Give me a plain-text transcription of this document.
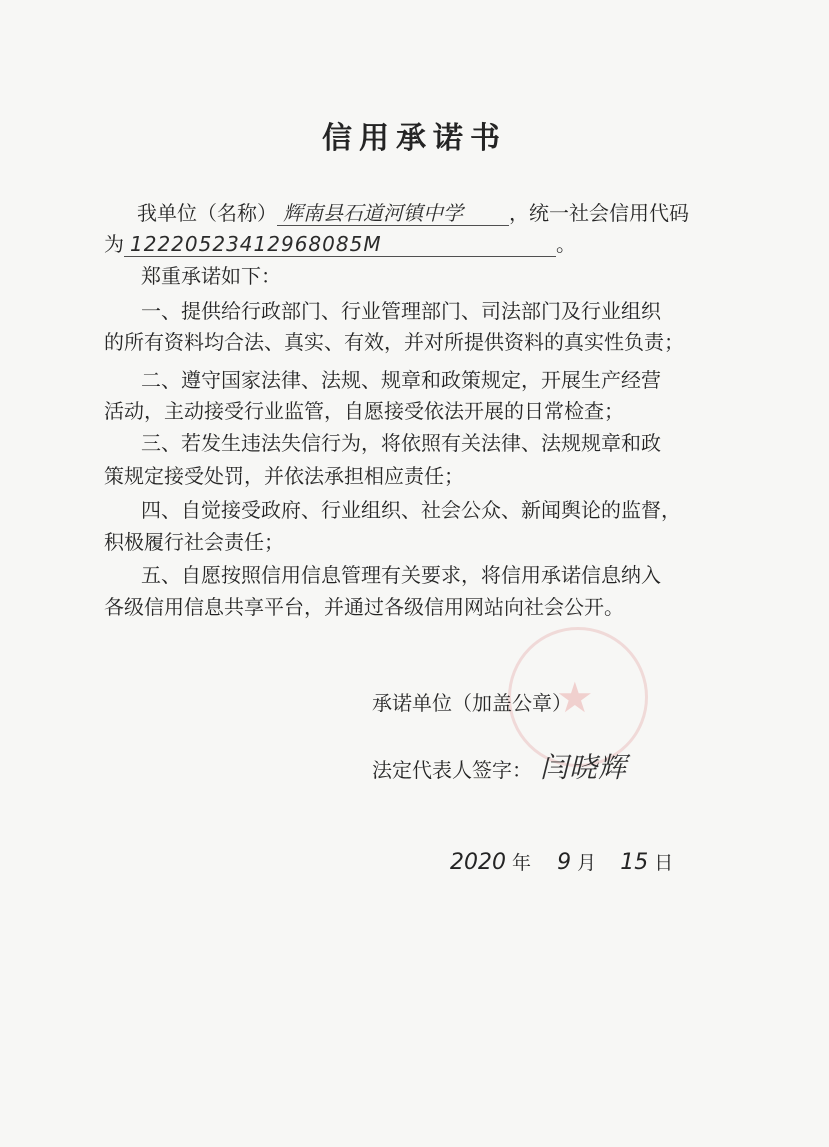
信用承诺书
我单位（名称） 辉南县石道河镇中学 ，统一社会信用代码
为 12220523412968085M	。
郑重承诺如下：
一、提供给行政部门、行业管理部门、司法部门及行业组织
的所有资料均合法、真实、有效，并对所提供资料的真实性负责；
二、遵守国家法律、法规、规章和政策规定，开展生产经营
活动，主动接受行业监管，自愿接受依法开展的日常检查；
三、若发生违法失信行为，将依照有关法律、法规规章和政
策规定接受处罚，并依法承担相应责任；
四、自觉接受政府、行业组织、社会公众、新闻舆论的监督，
积极履行社会责任；
五、自愿按照信用信息管理有关要求，将信用承诺信息纳入
各级信用信息共享平台，并通过各级信用网站向社会公开。
★
承诺单位（加盖公章）
法定代表人签字： 闫晓辉
2020 年 9 月 15 日
